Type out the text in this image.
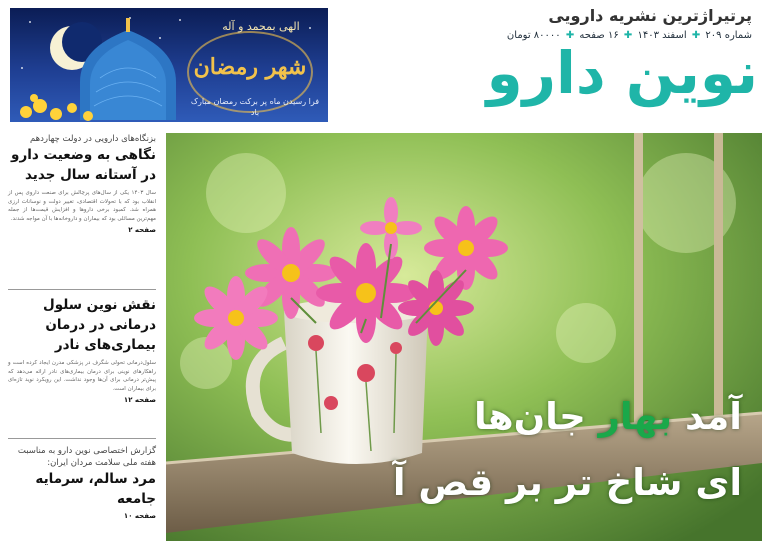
پرتیراژترین نشریه دارویی
شماره ۲۰۹ ✚ اسفند ۱۴۰۳ ✚ ۱۶ صفحه ✚ ۸۰۰۰۰ تومان
نوین دارو
الهی بمحمد و آله
شهر رمضان
فرا رسیدن ماه پر برکت رمضان مبارک باد
بزنگاه‌های دارویی در دولت چهاردهم
نگاهی به وضعیت دارو در آستانه سال جدید
سال ۱۴۰۳ یکی از سال‌های پرچالش برای صنعت داروی پس از انقلاب بود که با تحولات اقتصادی، تغییر دولت و نوسانات ارزی همراه شد. کمبود برخی داروها و افزایش قیمت‌ها از جمله مهم‌ترین مسائلی بود که بیماران و داروخانه‌ها با آن مواجه شدند.
صفحه ۲
نقش نوین سلول درمانی در درمان بیماری‌های نادر
سلول‌درمانی تحولی شگرف در پزشکی مدرن ایجاد کرده است و راهکارهای نوینی برای درمان بیماری‌های نادر ارائه می‌دهد که پیش‌تر درمانی برای آن‌ها وجود نداشت. این رویکرد نوید تازه‌ای برای بیماران است.
صفحه ۱۲
گزارش اختصاصی نوین دارو به مناسبت هفته ملی سلامت مردان ایران:
مرد سالم، سرمایه جامعه
صفحه ۱۰
آمد بهار جان‌ها
ای شاخ تر بر قص آ
